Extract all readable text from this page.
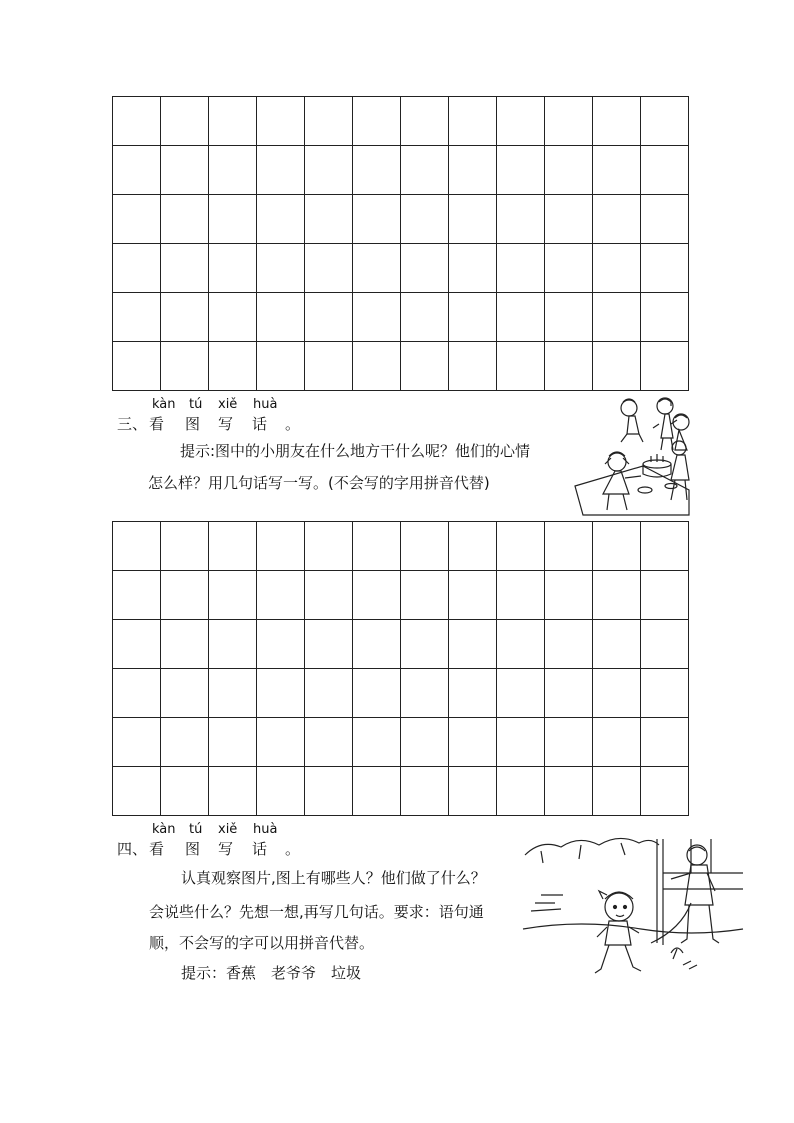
kàn tú xiě huà
三、 看 图 写 话 。
提示:图中的小朋友在什么地方干什么呢？他们的心情
怎么样？用几句话写一写。(不会写的字用拼音代替)

kàn tú xiě huà
四、 看 图 写 话 。
认真观察图片,图上有哪些人？他们做了什么？
会说些什么？先想一想,再写几句话。要求：语句通
顺，不会写的字可以用拼音代替。
提示：香蕉　老爷爷　垃圾
